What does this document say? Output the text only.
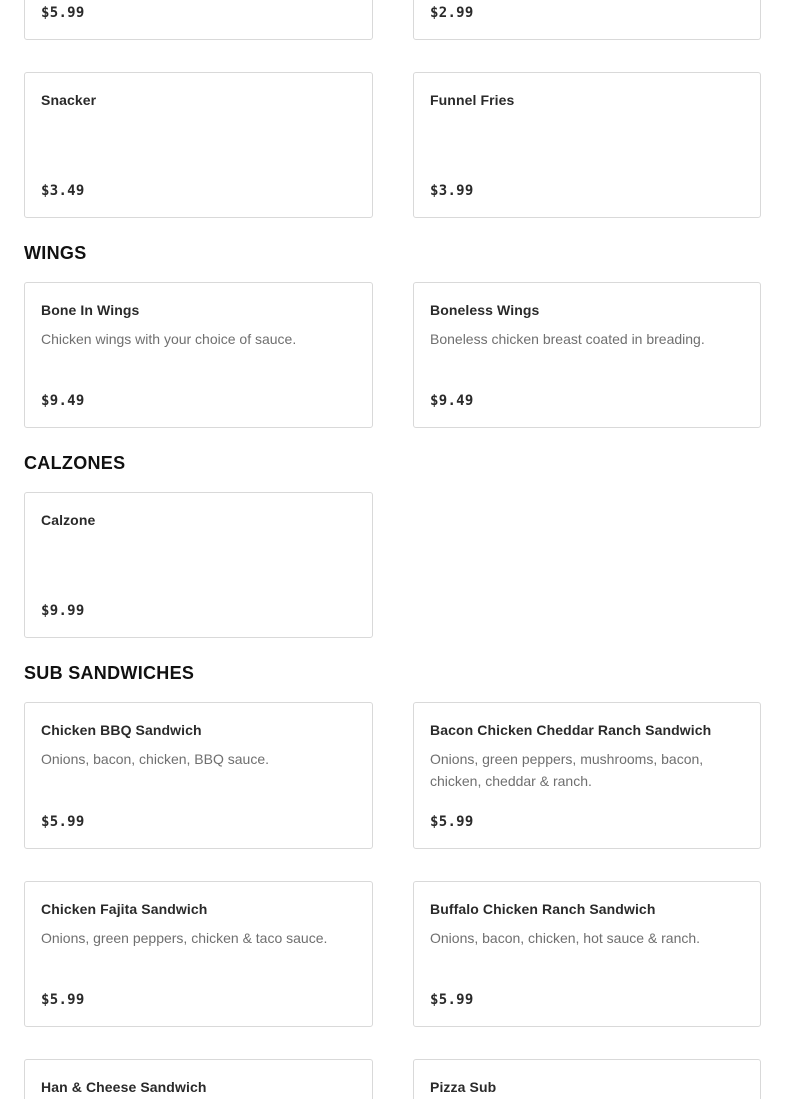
$5.99	$2.99
Snacker
$3.49
Funnel Fries
$3.99
WINGS
Bone In Wings
Chicken wings with your choice of sauce.
$9.49
Boneless Wings
Boneless chicken breast coated in breading.
$9.49
CALZONES
Calzone
$9.99
SUB SANDWICHES
Chicken BBQ Sandwich
Onions, bacon, chicken, BBQ sauce.
$5.99
Bacon Chicken Cheddar Ranch Sandwich
Onions, green peppers, mushrooms, bacon, chicken, cheddar & ranch.
$5.99
Chicken Fajita Sandwich
Onions, green peppers, chicken & taco sauce.
$5.99
Buffalo Chicken Ranch Sandwich
Onions, bacon, chicken, hot sauce & ranch.
$5.99
Han & Cheese Sandwich	Pizza Sub
